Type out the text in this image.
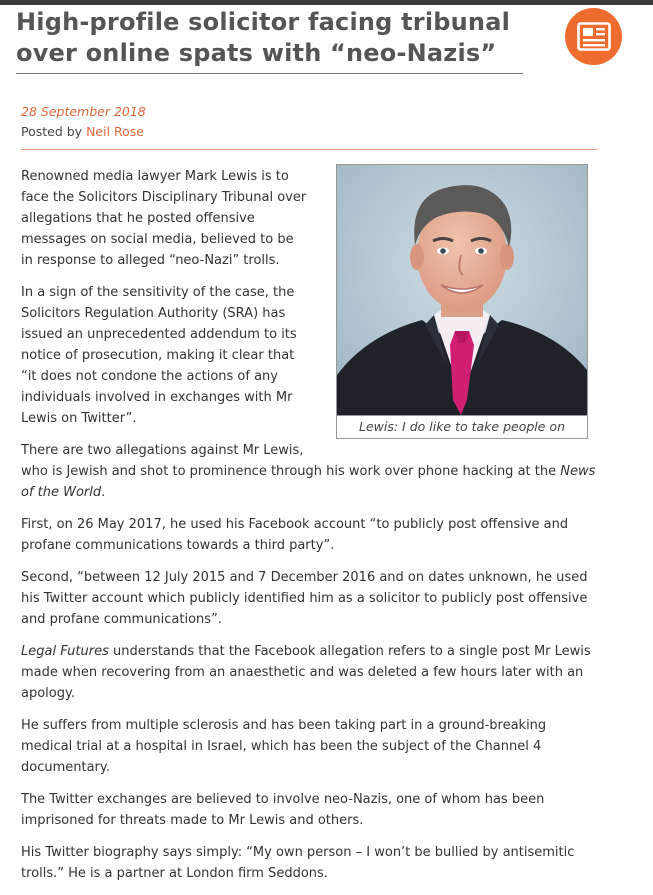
High-profile solicitor facing tribunal over online spats with “neo-Nazis”
28 September 2018
Posted by Neil Rose
Lewis: I do like to take people on

Renowned media lawyer Mark Lewis is to face the Solicitors Disciplinary Tribunal over allegations that he posted offensive messages on social media, believed to be in response to alleged “neo-Nazi” trolls.

In a sign of the sensitivity of the case, the Solicitors Regulation Authority (SRA) has issued an unprecedented addendum to its notice of prosecution, making it clear that “it does not condone the actions of any individuals involved in exchanges with Mr Lewis on Twitter”.

There are two allegations against Mr Lewis, who is Jewish and shot to prominence through his work over phone hacking at the News of the World.

First, on 26 May 2017, he used his Facebook account “to publicly post offensive and profane communications towards a third party”.

Second, “between 12 July 2015 and 7 December 2016 and on dates unknown, he used his Twitter account which publicly identified him as a solicitor to publicly post offensive and profane communications”.

Legal Futures understands that the Facebook allegation refers to a single post Mr Lewis made when recovering from an anaesthetic and was deleted a few hours later with an apology.

He suffers from multiple sclerosis and has been taking part in a ground-breaking medical trial at a hospital in Israel, which has been the subject of the Channel 4 documentary.

The Twitter exchanges are believed to involve neo-Nazis, one of whom has been imprisoned for threats made to Mr Lewis and others.

His Twitter biography says simply: “My own person – I won’t be bullied by antisemitic trolls.” He is a partner at London firm Seddons.
